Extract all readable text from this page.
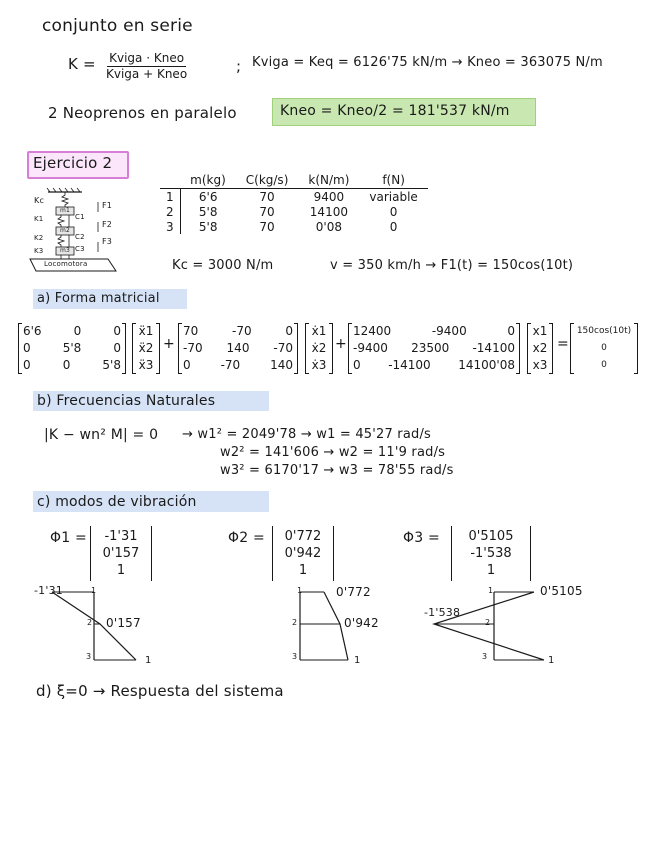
conjunto en serie
K = Kviga · Kneo
Kviga + Kneo	; Kviga = Keq = 6126'75 kN/m → Kneo = 363075 N/m
2 Neoprenos en paralelo	Kneo = Kneo/2 = 181'537 kN/m
Ejercicio 2
Kc
K1
K2
K3
C1
C2
C3
m1
m2
m3
F1
F2
F3
Locomotora
	m(kg)	C(kg/s)	k(N/m)	f(N)
1	6'6	70	9400	variable
2	5'8	70	14100	0
3	5'8	70	0'08	0
Kc = 3000 N/m	v = 350 km/h → F1(t) = 150cos(10t)
a) Forma matricial
6'6	0	0
0	5'8	0
0	0	5'8
ẍ1
ẍ2
ẍ3
+
70	-70	0
-70 140 -70
0 -70 140
ẋ1
ẋ2
ẋ3
+
12400	-9400	0
-9400 23500 -14100
0 -14100 14100'08
x1
x2
x3
=
150cos(10t)
0
0
b) Frecuencias Naturales
|K − wn² M| = 0 → w1² = 2049'78 → w1 = 45'27 rad/s
w2² = 141'606 → w2 = 11'9 rad/s
w3² = 6170'17 → w3 = 78'55 rad/s
c) modos de vibración
Φ1 =	-1'31
0'157
1
Φ2 = 0'772
0'942
1
Φ3 =	0'5105
-1'538
1
-1'31
0'157
1
1
2
3
0'772
0'942
1
1
2
3
0'5105
-1'538
1
1
2
3
d) ξ=0 → Respuesta del sistema
